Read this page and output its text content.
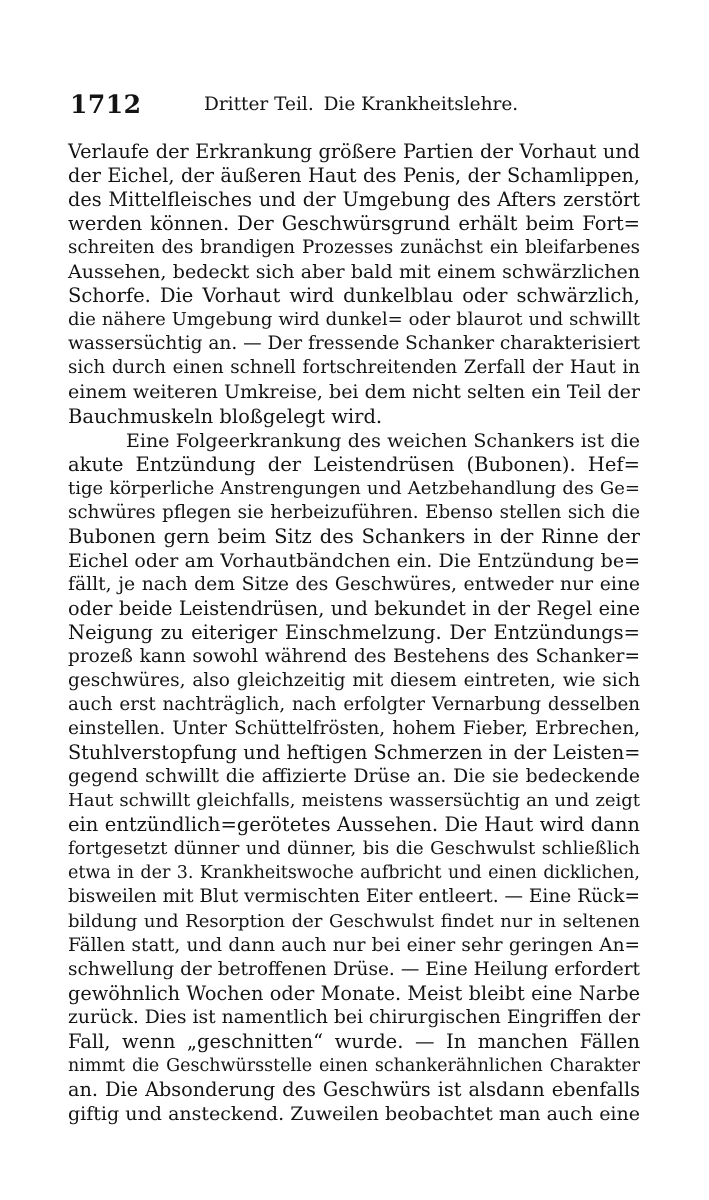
1712	Dritter Teil. Die Krankheitslehre.
Verlaufe der Erkrankung größere Partien der Vorhaut und
der Eichel, der äußeren Haut des Penis, der Schamlippen,
des Mittelfleisches und der Umgebung des Afters zerstört
werden können. Der Geschwürsgrund erhält beim Fort=
schreiten des brandigen Prozesses zunächst ein bleifarbenes
Aussehen, bedeckt sich aber bald mit einem schwärzlichen
Schorfe. Die Vorhaut wird dunkelblau oder schwärzlich,
die nähere Umgebung wird dunkel= oder blaurot und schwillt
wassersüchtig an. — Der fressende Schanker charakterisiert
sich durch einen schnell fortschreitenden Zerfall der Haut in
einem weiteren Umkreise, bei dem nicht selten ein Teil der
Bauchmuskeln bloßgelegt wird.
Eine Folgeerkrankung des weichen Schankers ist die
akute Entzündung der Leistendrüsen (Bubonen). Hef=
tige körperliche Anstrengungen und Aetzbehandlung des Ge=
schwüres pflegen sie herbeizuführen. Ebenso stellen sich die
Bubonen gern beim Sitz des Schankers in der Rinne der
Eichel oder am Vorhautbändchen ein. Die Entzündung be=
fällt, je nach dem Sitze des Geschwüres, entweder nur eine
oder beide Leistendrüsen, und bekundet in der Regel eine
Neigung zu eiteriger Einschmelzung. Der Entzündungs=
prozeß kann sowohl während des Bestehens des Schanker=
geschwüres, also gleichzeitig mit diesem eintreten, wie sich
auch erst nachträglich, nach erfolgter Vernarbung desselben
einstellen. Unter Schüttelfrösten, hohem Fieber, Erbrechen,
Stuhlverstopfung und heftigen Schmerzen in der Leisten=
gegend schwillt die affizierte Drüse an. Die sie bedeckende
Haut schwillt gleichfalls, meistens wassersüchtig an und zeigt
ein entzündlich=gerötetes Aussehen. Die Haut wird dann
fortgesetzt dünner und dünner, bis die Geschwulst schließlich
etwa in der 3. Krankheitswoche aufbricht und einen dicklichen,
bisweilen mit Blut vermischten Eiter entleert. — Eine Rück=
bildung und Resorption der Geschwulst findet nur in seltenen
Fällen statt, und dann auch nur bei einer sehr geringen An=
schwellung der betroffenen Drüse. — Eine Heilung erfordert
gewöhnlich Wochen oder Monate. Meist bleibt eine Narbe
zurück. Dies ist namentlich bei chirurgischen Eingriffen der
Fall, wenn „geschnitten“ wurde. — In manchen Fällen
nimmt die Geschwürsstelle einen schankerähnlichen Charakter
an. Die Absonderung des Geschwürs ist alsdann ebenfalls
giftig und ansteckend. Zuweilen beobachtet man auch eine
